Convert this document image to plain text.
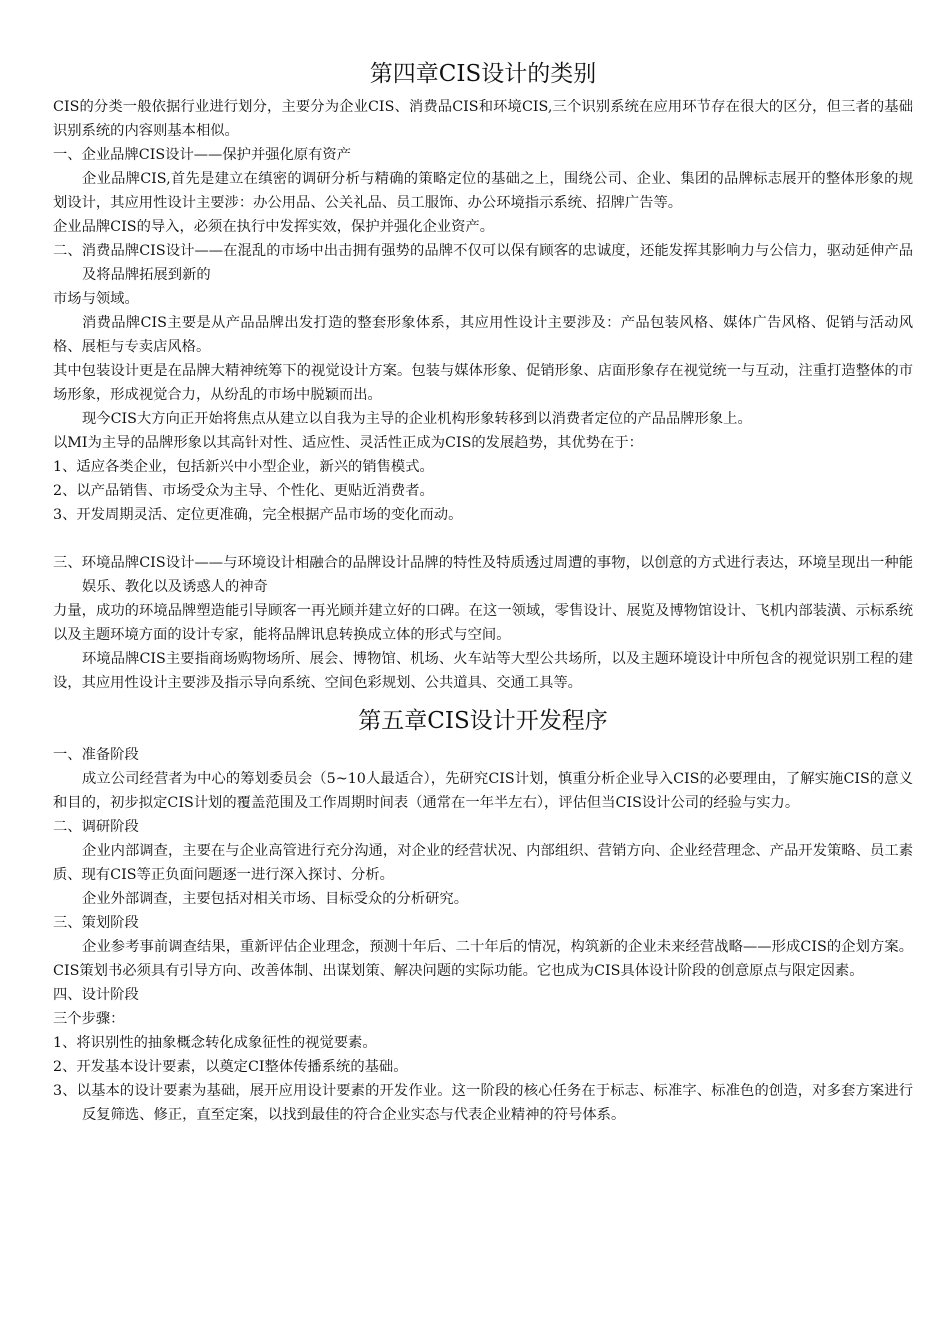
第四章CIS设计的类别

CIS的分类一般依据行业进行划分，主要分为企业CIS、消费品CIS和环境CIS,三个识别系统在应用环节存在很大的区分，但三者的基础识别系统的内容则基本相似。

一、企业品牌CIS设计——保护并强化原有资产

企业品牌CIS,首先是建立在缜密的调研分析与精确的策略定位的基础之上，围绕公司、企业、集团的品牌标志展开的整体形象的规划设计，其应用性设计主要涉：办公用品、公关礼品、员工服饰、办公环境指示系统、招牌广告等。

企业品牌CIS的导入，必须在执行中发挥实效，保护并强化企业资产。

二、消费品牌CIS设计——在混乱的市场中出击拥有强势的品牌不仅可以保有顾客的忠诚度，还能发挥其影响力与公信力，驱动延伸产品及将品牌拓展到新的

市场与领域。

消费品牌CIS主要是从产品品牌出发打造的整套形象体系，其应用性设计主要涉及：产品包装风格、媒体广告风格、促销与活动风格、展柜与专卖店风格。

其中包装设计更是在品牌大精神统筹下的视觉设计方案。包装与媒体形象、促销形象、店面形象存在视觉统一与互动，注重打造整体的市场形象，形成视觉合力，从纷乱的市场中脱颖而出。

现今CIS大方向正开始将焦点从建立以自我为主导的企业机构形象转移到以消费者定位的产品品牌形象上。

以MI为主导的品牌形象以其高针对性、适应性、灵活性正成为CIS的发展趋势，其优势在于：

1、适应各类企业，包括新兴中小型企业，新兴的销售模式。

2、以产品销售、市场受众为主导、个性化、更贴近消费者。

3、开发周期灵活、定位更准确，完全根据产品市场的变化而动。

三、环境品牌CIS设计——与环境设计相融合的品牌设计品牌的特性及特质透过周遭的事物，以创意的方式进行表达，环境呈现出一种能娱乐、教化以及诱惑人的神奇

力量，成功的环境品牌塑造能引导顾客一再光顾并建立好的口碑。在这一领域，零售设计、展览及博物馆设计、飞机内部装潢、示标系统以及主题环境方面的设计专家，能将品牌讯息转换成立体的形式与空间。

环境品牌CIS主要指商场购物场所、展会、博物馆、机场、火车站等大型公共场所，以及主题环境设计中所包含的视觉识别工程的建设，其应用性设计主要涉及指示导向系统、空间色彩规划、公共道具、交通工具等。

第五章CIS设计开发程序

一、准备阶段

成立公司经营者为中心的筹划委员会（5~10人最适合），先研究CIS计划，慎重分析企业导入CIS的必要理由，了解实施CIS的意义和目的，初步拟定CIS计划的覆盖范围及工作周期时间表（通常在一年半左右），评估但当CIS设计公司的经验与实力。

二、调研阶段

企业内部调查，主要在与企业高管进行充分沟通，对企业的经营状况、内部组织、营销方向、企业经营理念、产品开发策略、员工素质、现有CIS等正负面问题逐一进行深入探讨、分析。

企业外部调查，主要包括对相关市场、目标受众的分析研究。

三、策划阶段

企业参考事前调查结果，重新评估企业理念，预测十年后、二十年后的情况，构筑新的企业未来经营战略——形成CIS的企划方案。CIS策划书必须具有引导方向、改善体制、出谋划策、解决问题的实际功能。它也成为CIS具体设计阶段的创意原点与限定因素。

四、设计阶段

三个步骤：

1、将识别性的抽象概念转化成象征性的视觉要素。

2、开发基本设计要素，以奠定CI整体传播系统的基础。

3、以基本的设计要素为基础，展开应用设计要素的开发作业。这一阶段的核心任务在于标志、标准字、标准色的创造，对多套方案进行反复筛选、修正，直至定案，以找到最佳的符合企业实态与代表企业精神的符号体系。
